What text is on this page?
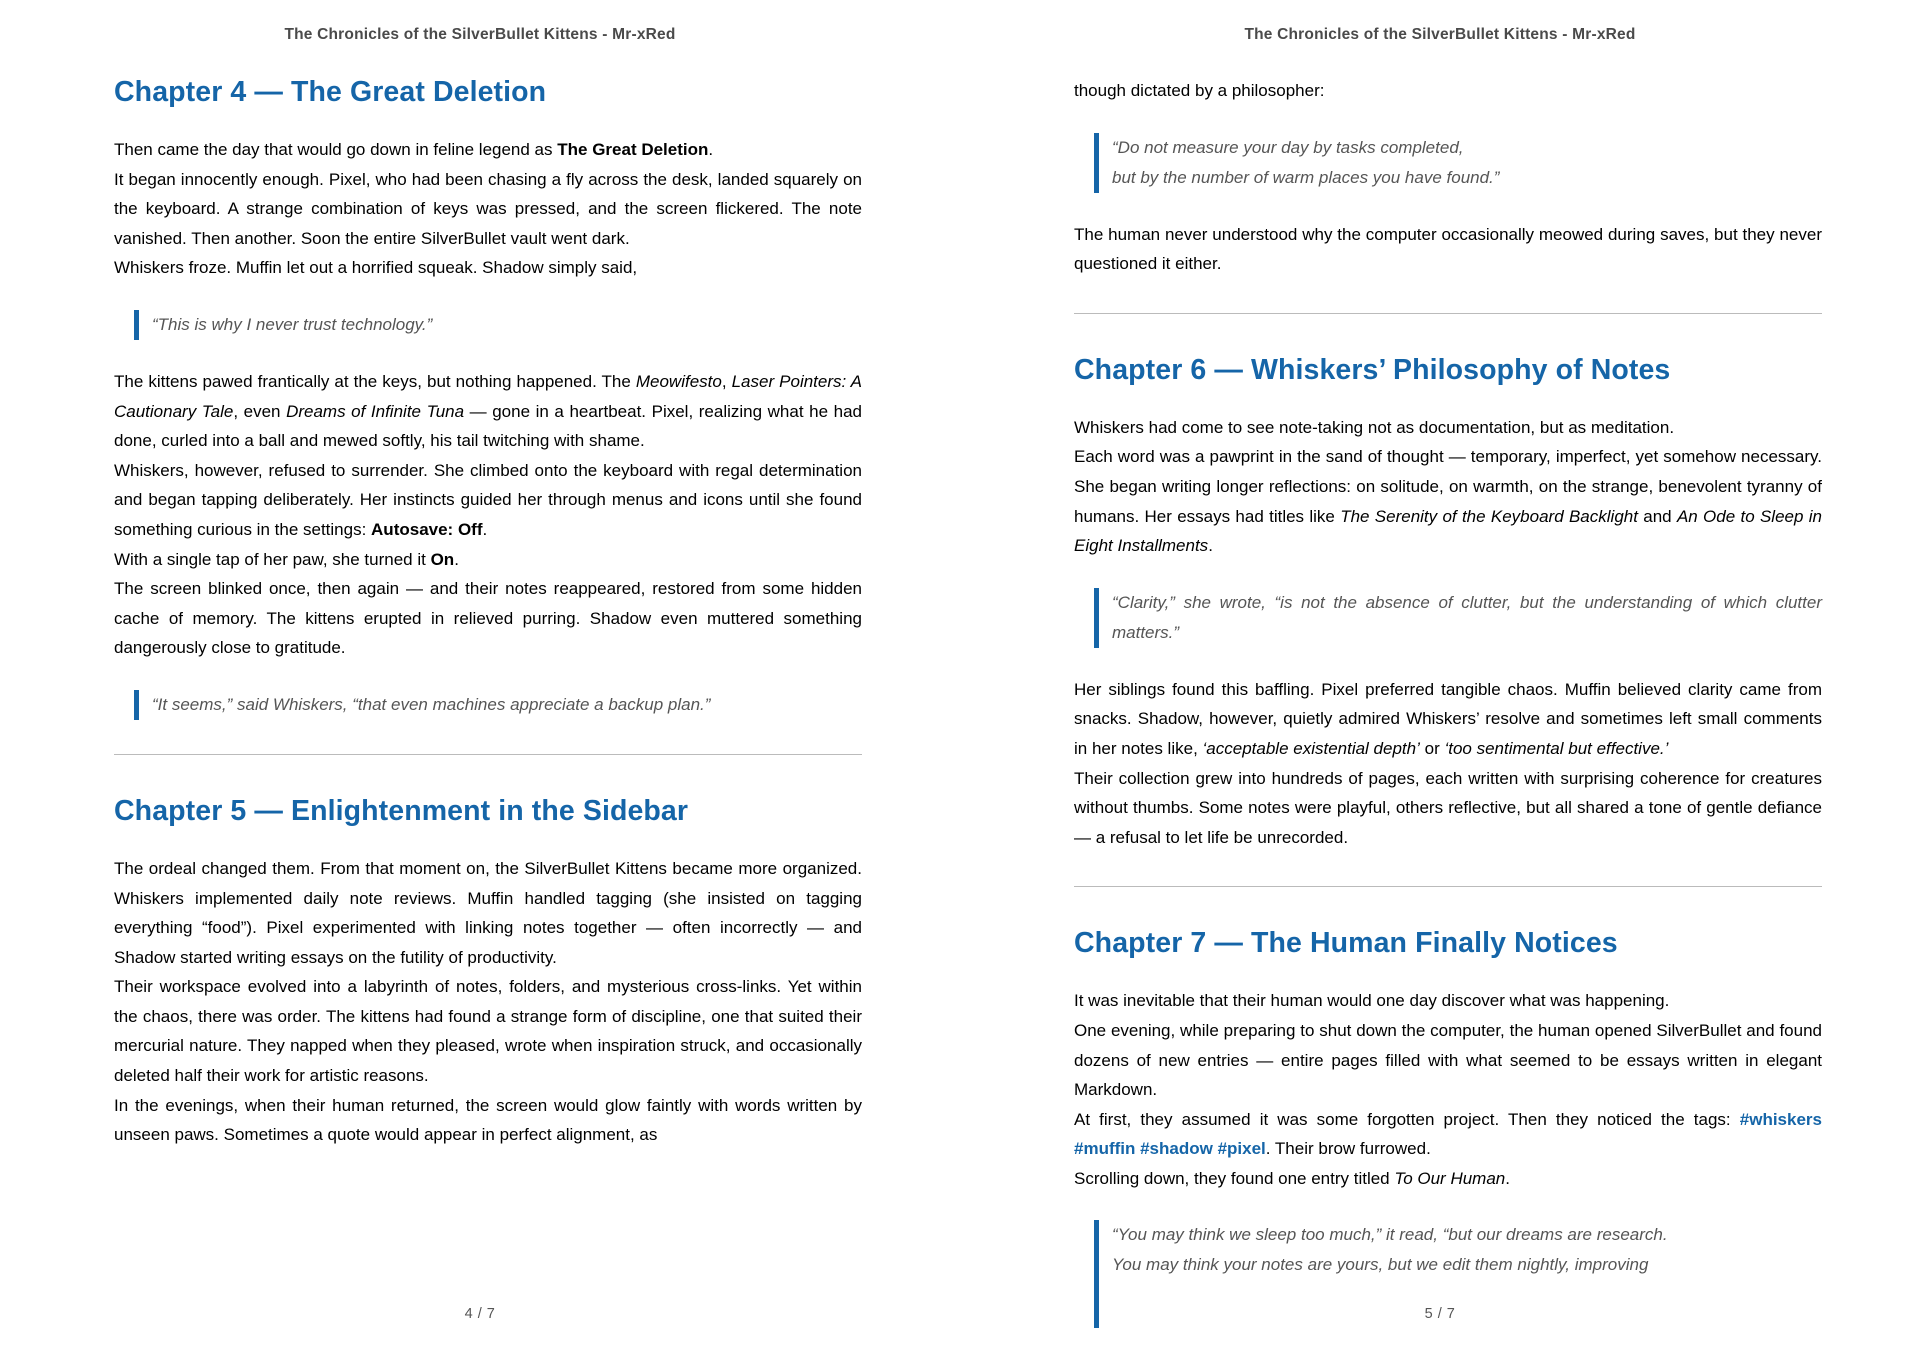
The Chronicles of the SilverBullet Kittens - Mr-xRed
Chapter 4 — The Great Deletion

Then came the day that would go down in feline legend as The Great Deletion.
It began innocently enough. Pixel, who had been chasing a fly across the desk, landed squarely on the keyboard. A strange combination of keys was pressed, and the screen flickered. The note vanished. Then another. Soon the entire SilverBullet vault went dark.
Whiskers froze. Muffin let out a horrified squeak. Shadow simply said,

“This is why I never trust technology.”

The kittens pawed frantically at the keys, but nothing happened. The Meowifesto, Laser Pointers: A Cautionary Tale, even Dreams of Infinite Tuna — gone in a heartbeat. Pixel, realizing what he had done, curled into a ball and mewed softly, his tail twitching with shame.
Whiskers, however, refused to surrender. She climbed onto the keyboard with regal determination and began tapping deliberately. Her instincts guided her through menus and icons until she found something curious in the settings: Autosave: Off.
With a single tap of her paw, she turned it On.
The screen blinked once, then again — and their notes reappeared, restored from some hidden cache of memory. The kittens erupted in relieved purring. Shadow even muttered something dangerously close to gratitude.

“It seems,” said Whiskers, “that even machines appreciate a backup plan.”
Chapter 5 — Enlightenment in the Sidebar

The ordeal changed them. From that moment on, the SilverBullet Kittens became more organized. Whiskers implemented daily note reviews. Muffin handled tagging (she insisted on tagging everything “food”). Pixel experimented with linking notes together — often incorrectly — and Shadow started writing essays on the futility of productivity.
Their workspace evolved into a labyrinth of notes, folders, and mysterious cross-links. Yet within the chaos, there was order. The kittens had found a strange form of discipline, one that suited their mercurial nature. They napped when they pleased, wrote when inspiration struck, and occasionally deleted half their work for artistic reasons.
In the evenings, when their human returned, the screen would glow faintly with words written by unseen paws. Sometimes a quote would appear in perfect alignment, as

4 / 7
The Chronicles of the SilverBullet Kittens - Mr-xRed

though dictated by a philosopher:

“Do not measure your day by tasks completed,
but by the number of warm places you have found.”

The human never understood why the computer occasionally meowed during saves, but they never questioned it either.

Chapter 6 — Whiskers’ Philosophy of Notes

Whiskers had come to see note-taking not as documentation, but as meditation.
Each word was a pawprint in the sand of thought — temporary, imperfect, yet somehow necessary. She began writing longer reflections: on solitude, on warmth, on the strange, benevolent tyranny of humans. Her essays had titles like The Serenity of the Keyboard Backlight and An Ode to Sleep in Eight Installments.

“Clarity,” she wrote, “is not the absence of clutter, but the understanding of which clutter matters.”

Her siblings found this baffling. Pixel preferred tangible chaos. Muffin believed clarity came from snacks. Shadow, however, quietly admired Whiskers’ resolve and sometimes left small comments in her notes like, ‘acceptable existential depth’ or ‘too sentimental but effective.’
Their collection grew into hundreds of pages, each written with surprising coherence for creatures without thumbs. Some notes were playful, others reflective, but all shared a tone of gentle defiance — a refusal to let life be unrecorded.

Chapter 7 — The Human Finally Notices

It was inevitable that their human would one day discover what was happening.
One evening, while preparing to shut down the computer, the human opened SilverBullet and found dozens of new entries — entire pages filled with what seemed to be essays written in elegant Markdown.
At first, they assumed it was some forgotten project. Then they noticed the tags: #whiskers #muffin #shadow #pixel. Their brow furrowed.
Scrolling down, they found one entry titled To Our Human.

“You may think we sleep too much,” it read, “but our dreams are research.
You may think your notes are yours, but we edit them nightly, improving
5 / 7
